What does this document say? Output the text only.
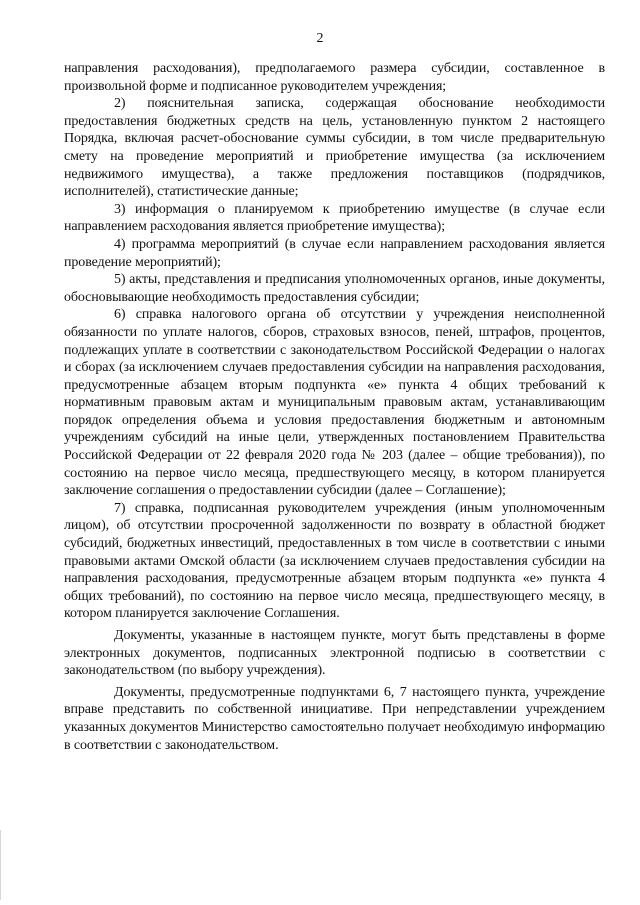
2

направления расходования), предполагаемого размера субсидии, составленное в произвольной форме и подписанное руководителем учреждения;

2) пояснительная записка, содержащая обоснование необходимости предоставления бюджетных средств на цель, установленную пунктом 2 настоящего Порядка, включая расчет-обоснование суммы субсидии, в том числе предварительную смету на проведение мероприятий и приобретение имущества (за исключением недвижимого имущества), а также предложения поставщиков (подрядчиков, исполнителей), статистические данные;

3) информация о планируемом к приобретению имуществе (в случае если направлением расходования является приобретение имущества);

4) программа мероприятий (в случае если направлением расходования является проведение мероприятий);

5) акты, представления и предписания уполномоченных органов, иные документы, обосновывающие необходимость предоставления субсидии;

6) справка налогового органа об отсутствии у учреждения неисполненной обязанности по уплате налогов, сборов, страховых взносов, пеней, штрафов, процентов, подлежащих уплате в соответствии с законодательством Российской Федерации о налогах и сборах (за исключением случаев предоставления субсидии на направления расходования, предусмотренные абзацем вторым подпункта «е» пункта 4 общих требований к нормативным правовым актам и муниципальным правовым актам, устанавливающим порядок определения объема и условия предоставления бюджетным и автономным учреждениям субсидий на иные цели, утвержденных постановлением Правительства Российской Федерации от 22 февраля 2020 года № 203 (далее – общие требования)), по состоянию на первое число месяца, предшествующего месяцу, в котором планируется заключение соглашения о предоставлении субсидии (далее – Соглашение);

7) справка, подписанная руководителем учреждения (иным уполномоченным лицом), об отсутствии просроченной задолженности по возврату в областной бюджет субсидий, бюджетных инвестиций, предоставленных в том числе в соответствии с иными правовыми актами Омской области (за исключением случаев предоставления субсидии на направления расходования, предусмотренные абзацем вторым подпункта «е» пункта 4 общих требований), по состоянию на первое число месяца, предшествующего месяцу, в котором планируется заключение Соглашения.

Документы, указанные в настоящем пункте, могут быть представлены в форме электронных документов, подписанных электронной подписью в соответствии с законодательством (по выбору учреждения).

Документы, предусмотренные подпунктами 6, 7 настоящего пункта, учреждение вправе представить по собственной инициативе. При непредставлении учреждением указанных документов Министерство самостоятельно получает необходимую информацию в соответствии с законодательством.
